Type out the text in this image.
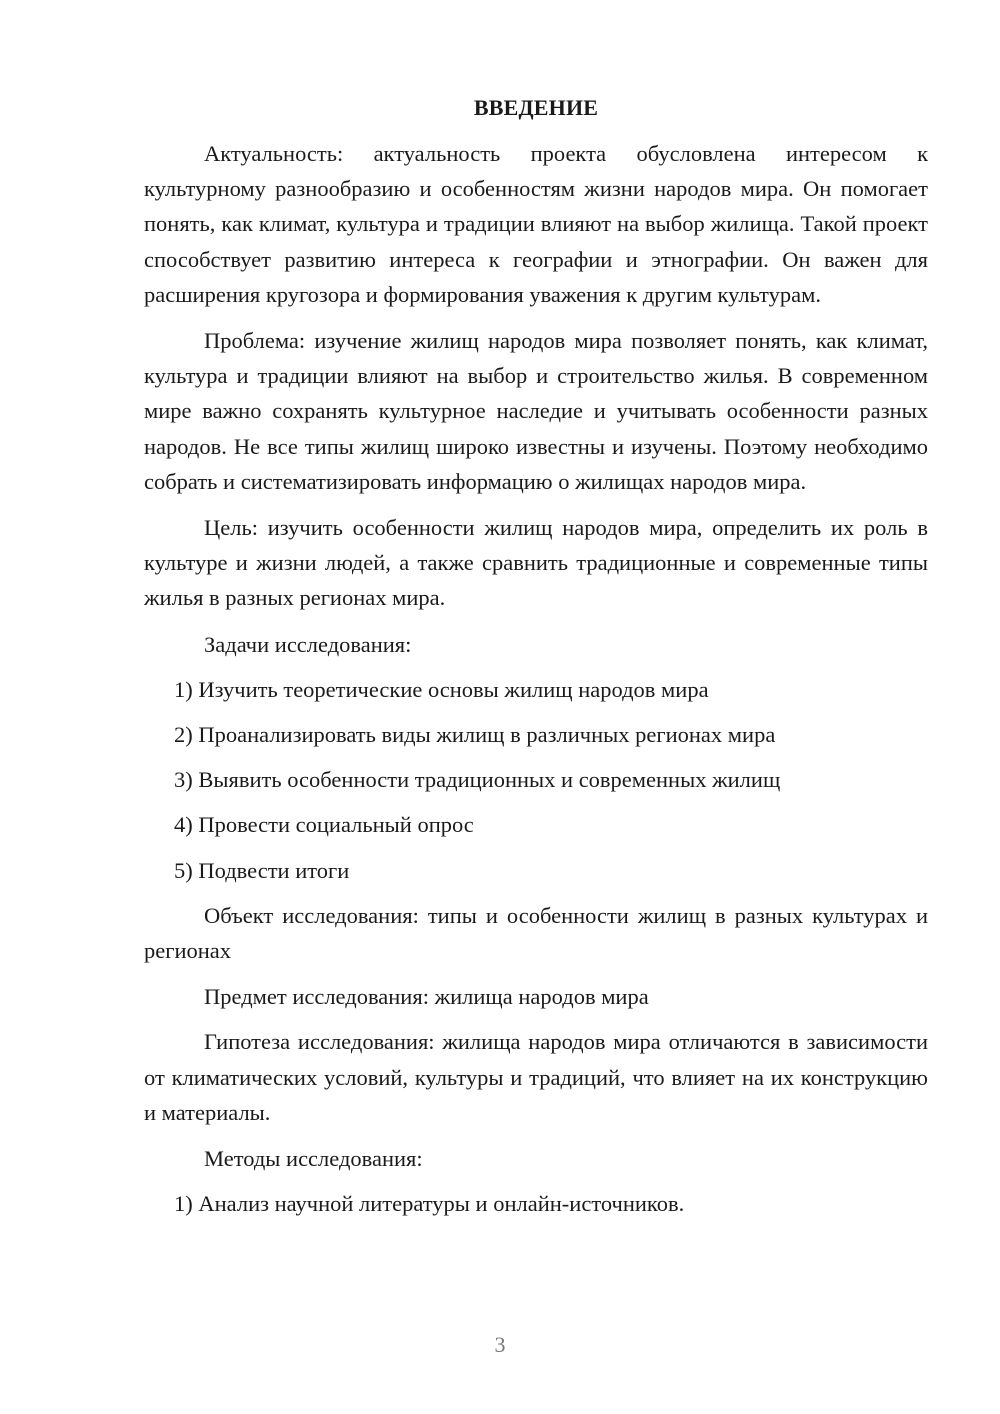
ВВЕДЕНИЕ

Актуальность: актуальность проекта обусловлена интересом к культурному разнообразию и особенностям жизни народов мира. Он помогает понять, как климат, культура и традиции влияют на выбор жилища. Такой проект способствует развитию интереса к географии и этнографии. Он важен для расширения кругозора и формирования уважения к другим культурам.

Проблема: изучение жилищ народов мира позволяет понять, как климат, культура и традиции влияют на выбор и строительство жилья. В современном мире важно сохранять культурное наследие и учитывать особенности разных народов. Не все типы жилищ широко известны и изучены. Поэтому необходимо собрать и систематизировать информацию о жилищах народов мира.

Цель: изучить особенности жилищ народов мира, определить их роль в культуре и жизни людей, а также сравнить традиционные и современные типы жилья в разных регионах мира.

Задачи исследования:

1) Изучить теоретические основы жилищ народов мира

2) Проанализировать виды жилищ в различных регионах мира

3) Выявить особенности традиционных и современных жилищ

4) Провести социальный опрос

5) Подвести итоги

Объект исследования: типы и особенности жилищ в разных культурах и регионах

Предмет исследования: жилища народов мира

Гипотеза исследования: жилища народов мира отличаются в зависимости от климатических условий, культуры и традиций, что влияет на их конструкцию и материалы.

Методы исследования:

1) Анализ научной литературы и онлайн-источников.

3
